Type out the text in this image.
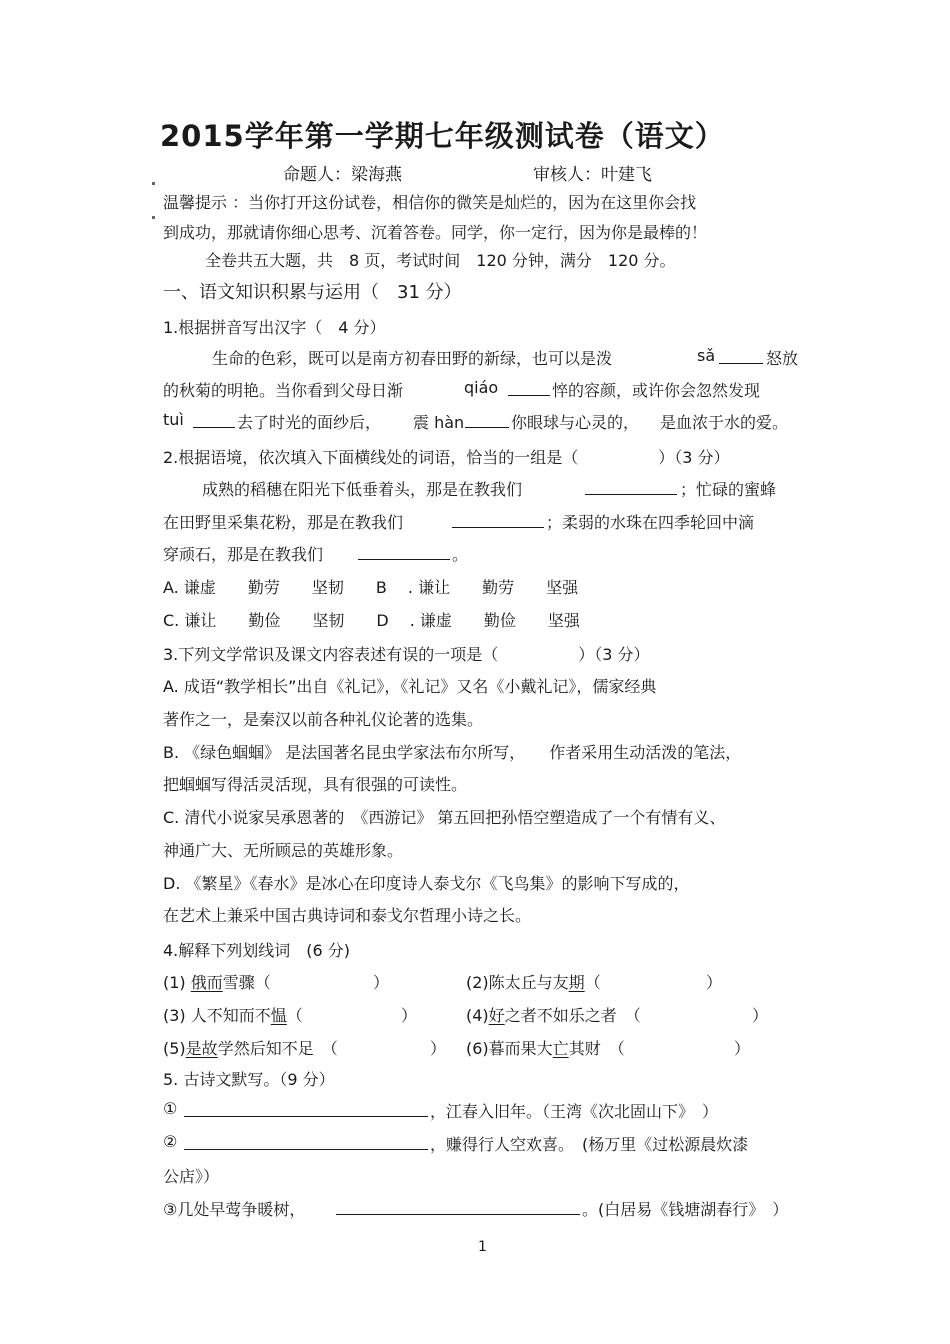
2015学年第一学期七年级测试卷（语文）
命题人：梁海燕	审核人：叶建飞
温馨提示 ：当你打开这份试卷，相信你的微笑是灿烂的，因为在这里你会找
到成功，那就请你细心思考、沉着答卷。同学，你一定行，因为你是最棒的！
全卷共五大题，共　8 页，考试时间　120 分钟，满分　120 分。
一、语文知识积累与运用（　31 分）
1.根据拼音写出汉字（　4 分）
生命的色彩，既可以是南方初春田野的新绿，也可以是泼	sǎ	怒放
的秋菊的明艳。当你看到父母日渐	qiáo	悴的容颜，或许你会忽然发现
tuì	去了时光的面纱后， 震 hàn	你眼球与心灵的， 是血浓于水的爱。
2.根据语境，依次填入下面横线处的词语，恰当的一组是（　　　　　）（3 分）
成熟的稻穗在阳光下低垂着头，那是在教我们	；忙碌的蜜蜂
在田野里采集花粉，那是在教我们	；柔弱的水珠在四季轮回中滴
穿顽石，那是在教我们	。
A. 谦虚　　勤劳　　坚韧　　B　 . 谦让　　勤劳　　坚强
C. 谦让　　勤俭　　坚韧　　D　 . 谦虚　　勤俭　　坚强
3.下列文学常识及课文内容表述有误的一项是（　　　　　）（3 分）
A. 成语“教学相长”出自《礼记》，《礼记》又名《小戴礼记》，儒家经典
著作之一，是秦汉以前各种礼仪论著的选集。
B. 《绿色蝈蝈》 是法国著名昆虫学家法布尔所写，　　作者采用生动活泼的笔法，
把蝈蝈写得活灵活现，具有很强的可读性。
C. 清代小说家吴承恩著的　《西游记》 第五回把孙悟空塑造成了一个有情有义、
神通广大、无所顾忌的英雄形象。
D. 《繁星》《春水》是冰心在印度诗人泰戈尔《飞鸟集》的影响下写成的，
在艺术上兼采中国古典诗词和泰戈尔哲理小诗之长。
4.解释下列划线词　(6 分)
(1) 俄而雪骤（	）	(2)陈太丘与友期（	）
(3) 人不知而不愠（	）	(4)好之者不如乐之者　（	）
(5)是故学然后知不足　（	） (6)暮而果大亡其财　（	）
5. 古诗文默写。（9 分）
①	，江春入旧年。（王湾《次北固山下》　）
②	，赚得行人空欢喜。　(杨万里《过松源晨炊漆
公店》）
③几处早莺争暖树，	。(白居易《钱塘湖春行》　）
1
